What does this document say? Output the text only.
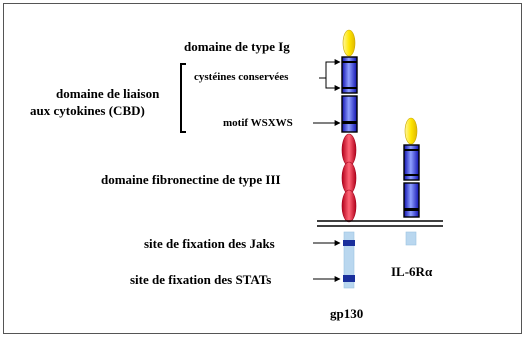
domaine de type Ig
cystéines conservées
domaine de liaison
aux cytokines (CBD)
motif WSXWS
domaine fibronectine de type III
site de fixation des Jaks
site de fixation des STATs
IL-6Rα
gp130
